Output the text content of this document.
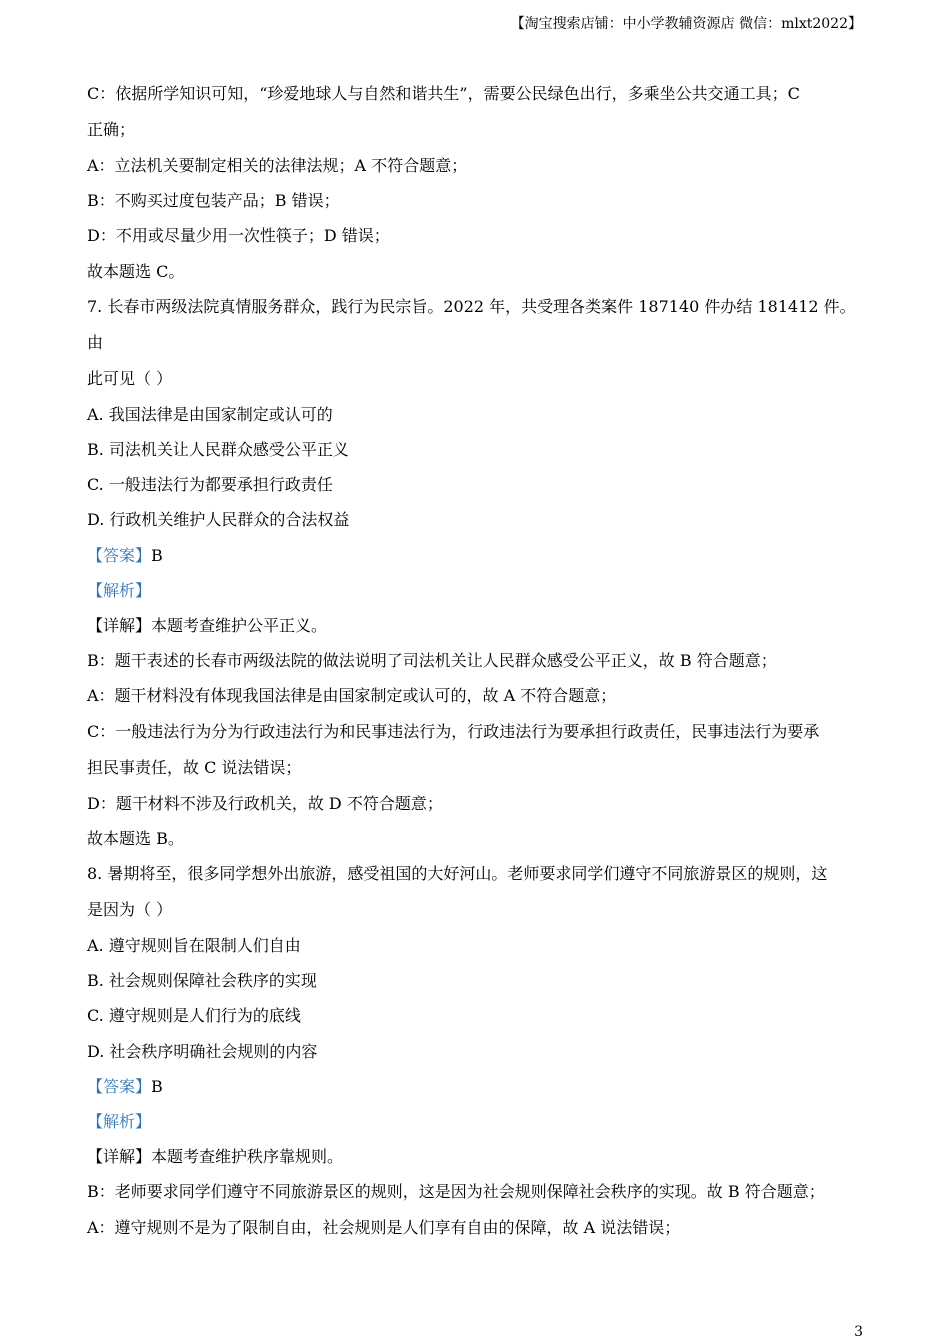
【淘宝搜索店铺：中小学教辅资源店 微信：mlxt2022】
C：依据所学知识可知，“珍爱地球人与自然和谐共生”，需要公民绿色出行，多乘坐公共交通工具；C
正确；
A：立法机关要制定相关的法律法规；A 不符合题意；
B：不购买过度包装产品；B 错误；
D：不用或尽量少用一次性筷子；D 错误；
故本题选 C。
7. 长春市两级法院真情服务群众，践行为民宗旨。2022 年，共受理各类案件 187140 件办结 181412 件。由
此可见（ ）
A. 我国法律是由国家制定或认可的
B. 司法机关让人民群众感受公平正义
C. 一般违法行为都要承担行政责任
D. 行政机关维护人民群众的合法权益
【答案】B
【解析】
【详解】本题考查维护公平正义。
B：题干表述的长春市两级法院的做法说明了司法机关让人民群众感受公平正义，故 B 符合题意；
A：题干材料没有体现我国法律是由国家制定或认可的，故 A 不符合题意；
C：一般违法行为分为行政违法行为和民事违法行为，行政违法行为要承担行政责任，民事违法行为要承
担民事责任，故 C 说法错误；
D：题干材料不涉及行政机关，故 D 不符合题意；
故本题选 B。
8. 暑期将至，很多同学想外出旅游，感受祖国的大好河山。老师要求同学们遵守不同旅游景区的规则，这
是因为（ ）
A. 遵守规则旨在限制人们自由
B. 社会规则保障社会秩序的实现
C. 遵守规则是人们行为的底线
D. 社会秩序明确社会规则的内容
【答案】B
【解析】
【详解】本题考查维护秩序靠规则。
B：老师要求同学们遵守不同旅游景区的规则，这是因为社会规则保障社会秩序的实现。故 B 符合题意；
A：遵守规则不是为了限制自由，社会规则是人们享有自由的保障，故 A 说法错误；
3
